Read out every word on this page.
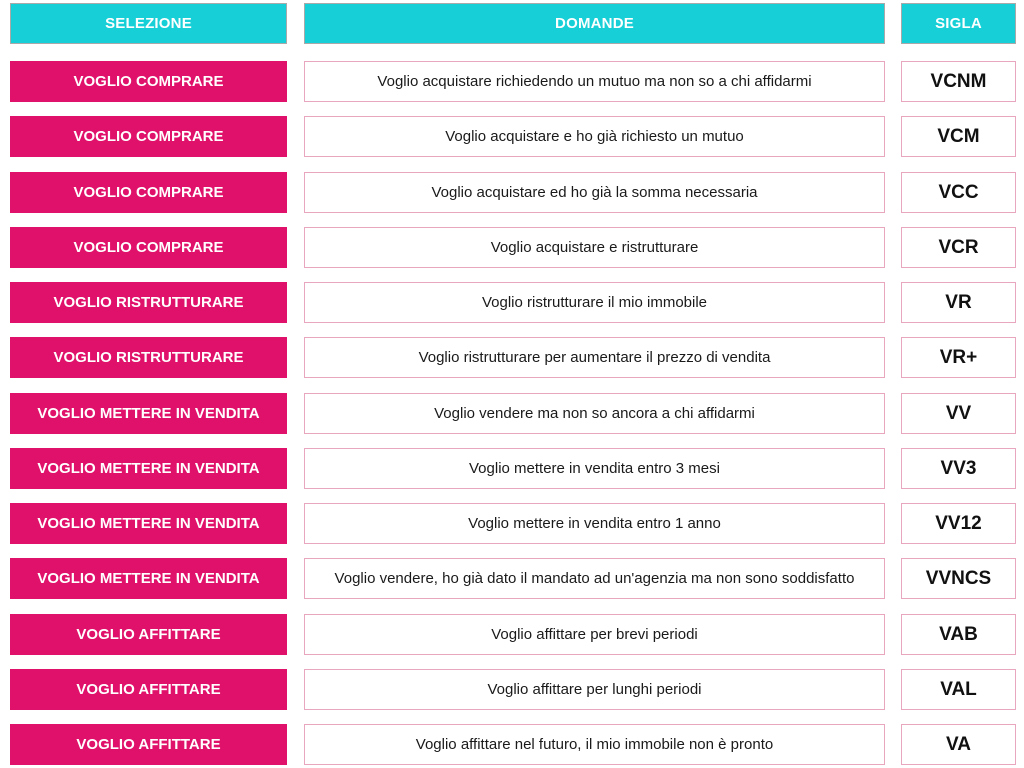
SELEZIONE	DOMANDE	SIGLA
VOGLIO COMPRARE	Voglio acquistare richiedendo un mutuo ma non so a chi affidarmi	VCNM
VOGLIO COMPRARE	Voglio acquistare e ho già richiesto un mutuo	VCM
VOGLIO COMPRARE	Voglio acquistare ed ho già la somma necessaria	VCC
VOGLIO COMPRARE	Voglio acquistare e ristrutturare	VCR
VOGLIO RISTRUTTURARE	Voglio ristrutturare il mio immobile	VR
VOGLIO RISTRUTTURARE	Voglio ristrutturare per aumentare il prezzo di vendita	VR+
VOGLIO METTERE IN VENDITA	Voglio vendere ma non so ancora a chi affidarmi	VV
VOGLIO METTERE IN VENDITA	Voglio mettere in vendita entro 3 mesi	VV3
VOGLIO METTERE IN VENDITA	Voglio mettere in vendita entro 1 anno	VV12
VOGLIO METTERE IN VENDITA	Voglio vendere, ho già dato il mandato ad un'agenzia ma non sono soddisfatto	VVNCS
VOGLIO AFFITTARE	Voglio affittare per brevi periodi	VAB
VOGLIO AFFITTARE	Voglio affittare per lunghi periodi	VAL
VOGLIO AFFITTARE	Voglio affittare nel futuro, il mio immobile non è pronto	VA
